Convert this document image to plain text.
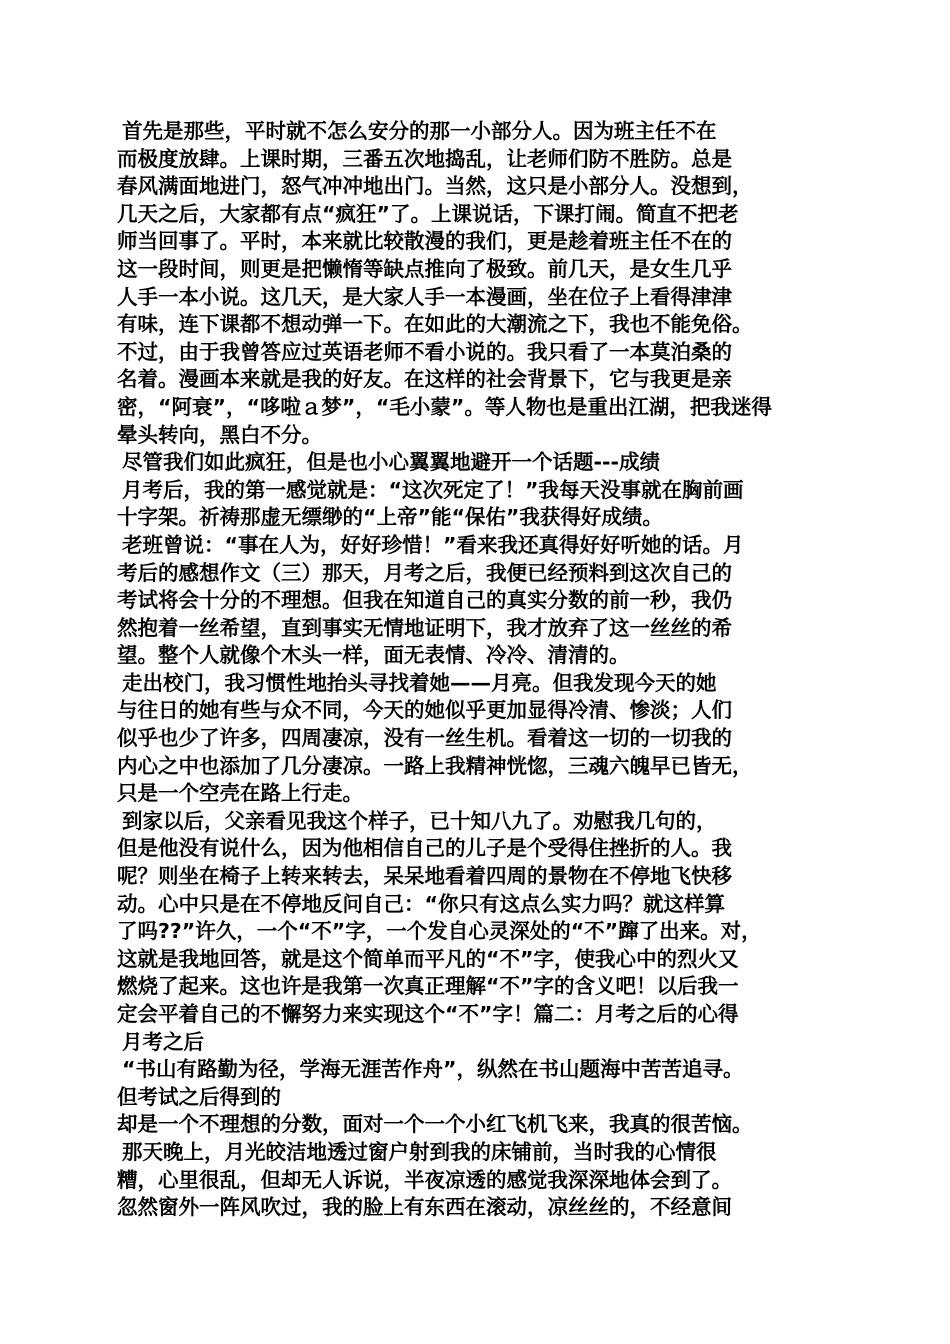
首先是那些，平时就不怎么安分的那一小部分人。因为班主任不在
而极度放肆。上课时期，三番五次地捣乱，让老师们防不胜防。总是
春风满面地进门，怒气冲冲地出门。当然，这只是小部分人。没想到，
几天之后，大家都有点“疯狂”了。上课说话，下课打闹。简直不把老
师当回事了。平时，本来就比较散漫的我们，更是趁着班主任不在的
这一段时间，则更是把懒惰等缺点推向了极致。前几天，是女生几乎
人手一本小说。这几天，是大家人手一本漫画，坐在位子上看得津津
有味，连下课都不想动弹一下。在如此的大潮流之下，我也不能免俗。
不过，由于我曾答应过英语老师不看小说的。我只看了一本莫泊桑的
名着。漫画本来就是我的好友。在这样的社会背景下，它与我更是亲
密，“阿衰”，“哆啦ａ梦”，“毛小蒙”。等人物也是重出江湖，把我迷得
晕头转向，黑白不分。
尽管我们如此疯狂，但是也小心翼翼地避开一个话题---成绩
月考后，我的第一感觉就是：“这次死定了！”我每天没事就在胸前画
十字架。祈祷那虚无缥缈的“上帝”能“保佑”我获得好成绩。
老班曾说：“事在人为，好好珍惜！”看来我还真得好好听她的话。月
考后的感想作文（三）那天，月考之后，我便已经预料到这次自己的
考试将会十分的不理想。但我在知道自己的真实分数的前一秒，我仍
然抱着一丝希望，直到事实无情地证明下，我才放弃了这一丝丝的希
望。整个人就像个木头一样，面无表情、冷冷、清清的。
走出校门，我习惯性地抬头寻找着她——月亮。但我发现今天的她
与往日的她有些与众不同，今天的她似乎更加显得冷清、惨淡；人们
似乎也少了许多，四周凄凉，没有一丝生机。看着这一切的一切我的
内心之中也添加了几分凄凉。一路上我精神恍惚，三魂六魄早已皆无，
只是一个空壳在路上行走。
到家以后，父亲看见我这个样子，已十知八九了。劝慰我几句的，
但是他没有说什么，因为他相信自己的儿子是个受得住挫折的人。我
呢？则坐在椅子上转来转去，呆呆地看着四周的景物在不停地飞快移
动。心中只是在不停地反问自己：“你只有这点么实力吗？就这样算
了吗??”许久，一个“不”字，一个发自心灵深处的“不”蹿了出来。对，
这就是我地回答，就是这个简单而平凡的“不”字，使我心中的烈火又
燃烧了起来。这也许是我第一次真正理解“不”字的含义吧！以后我一
定会平着自己的不懈努力来实现这个“不”字！篇二：月考之后的心得
月考之后
“书山有路勤为径，学海无涯苦作舟”，纵然在书山题海中苦苦追寻。
但考试之后得到的
却是一个不理想的分数，面对一个一个小红飞机飞来，我真的很苦恼。
那天晚上，月光皎洁地透过窗户射到我的床铺前，当时我的心情很
糟，心里很乱，但却无人诉说，半夜凉透的感觉我深深地体会到了。
忽然窗外一阵风吹过，我的脸上有东西在滚动，凉丝丝的，不经意间
